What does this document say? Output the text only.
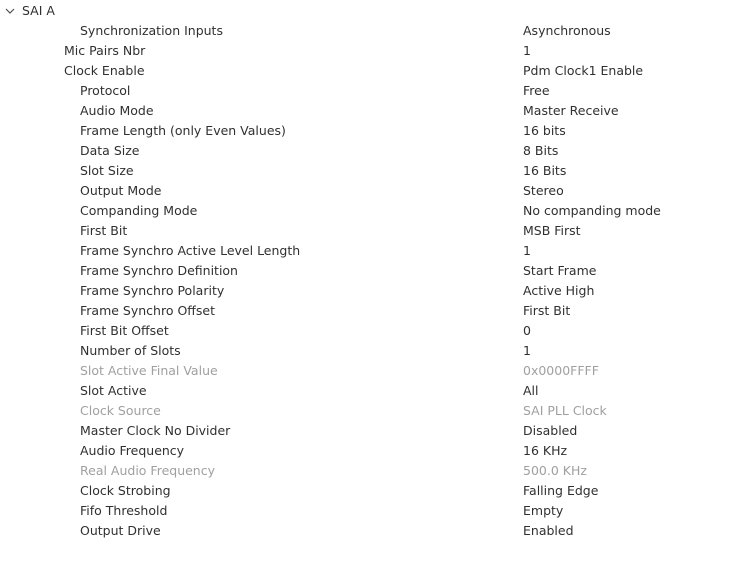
SAI A
Synchronization Inputs	Asynchronous
Mic Pairs Nbr	1
Clock Enable	Pdm Clock1 Enable
Protocol	Free
Audio Mode	Master Receive
Frame Length (only Even Values)	16 bits
Data Size	8 Bits
Slot Size	16 Bits
Output Mode	Stereo
Companding Mode	No companding mode
First Bit	MSB First
Frame Synchro Active Level Length	1
Frame Synchro Definition	Start Frame
Frame Synchro Polarity	Active High
Frame Synchro Offset	First Bit
First Bit Offset	0
Number of Slots	1
Slot Active Final Value	0x0000FFFF
Slot Active	All
Clock Source	SAI PLL Clock
Master Clock No Divider	Disabled
Audio Frequency	16 KHz
Real Audio Frequency	500.0 KHz
Clock Strobing	Falling Edge
Fifo Threshold	Empty
Output Drive	Enabled
